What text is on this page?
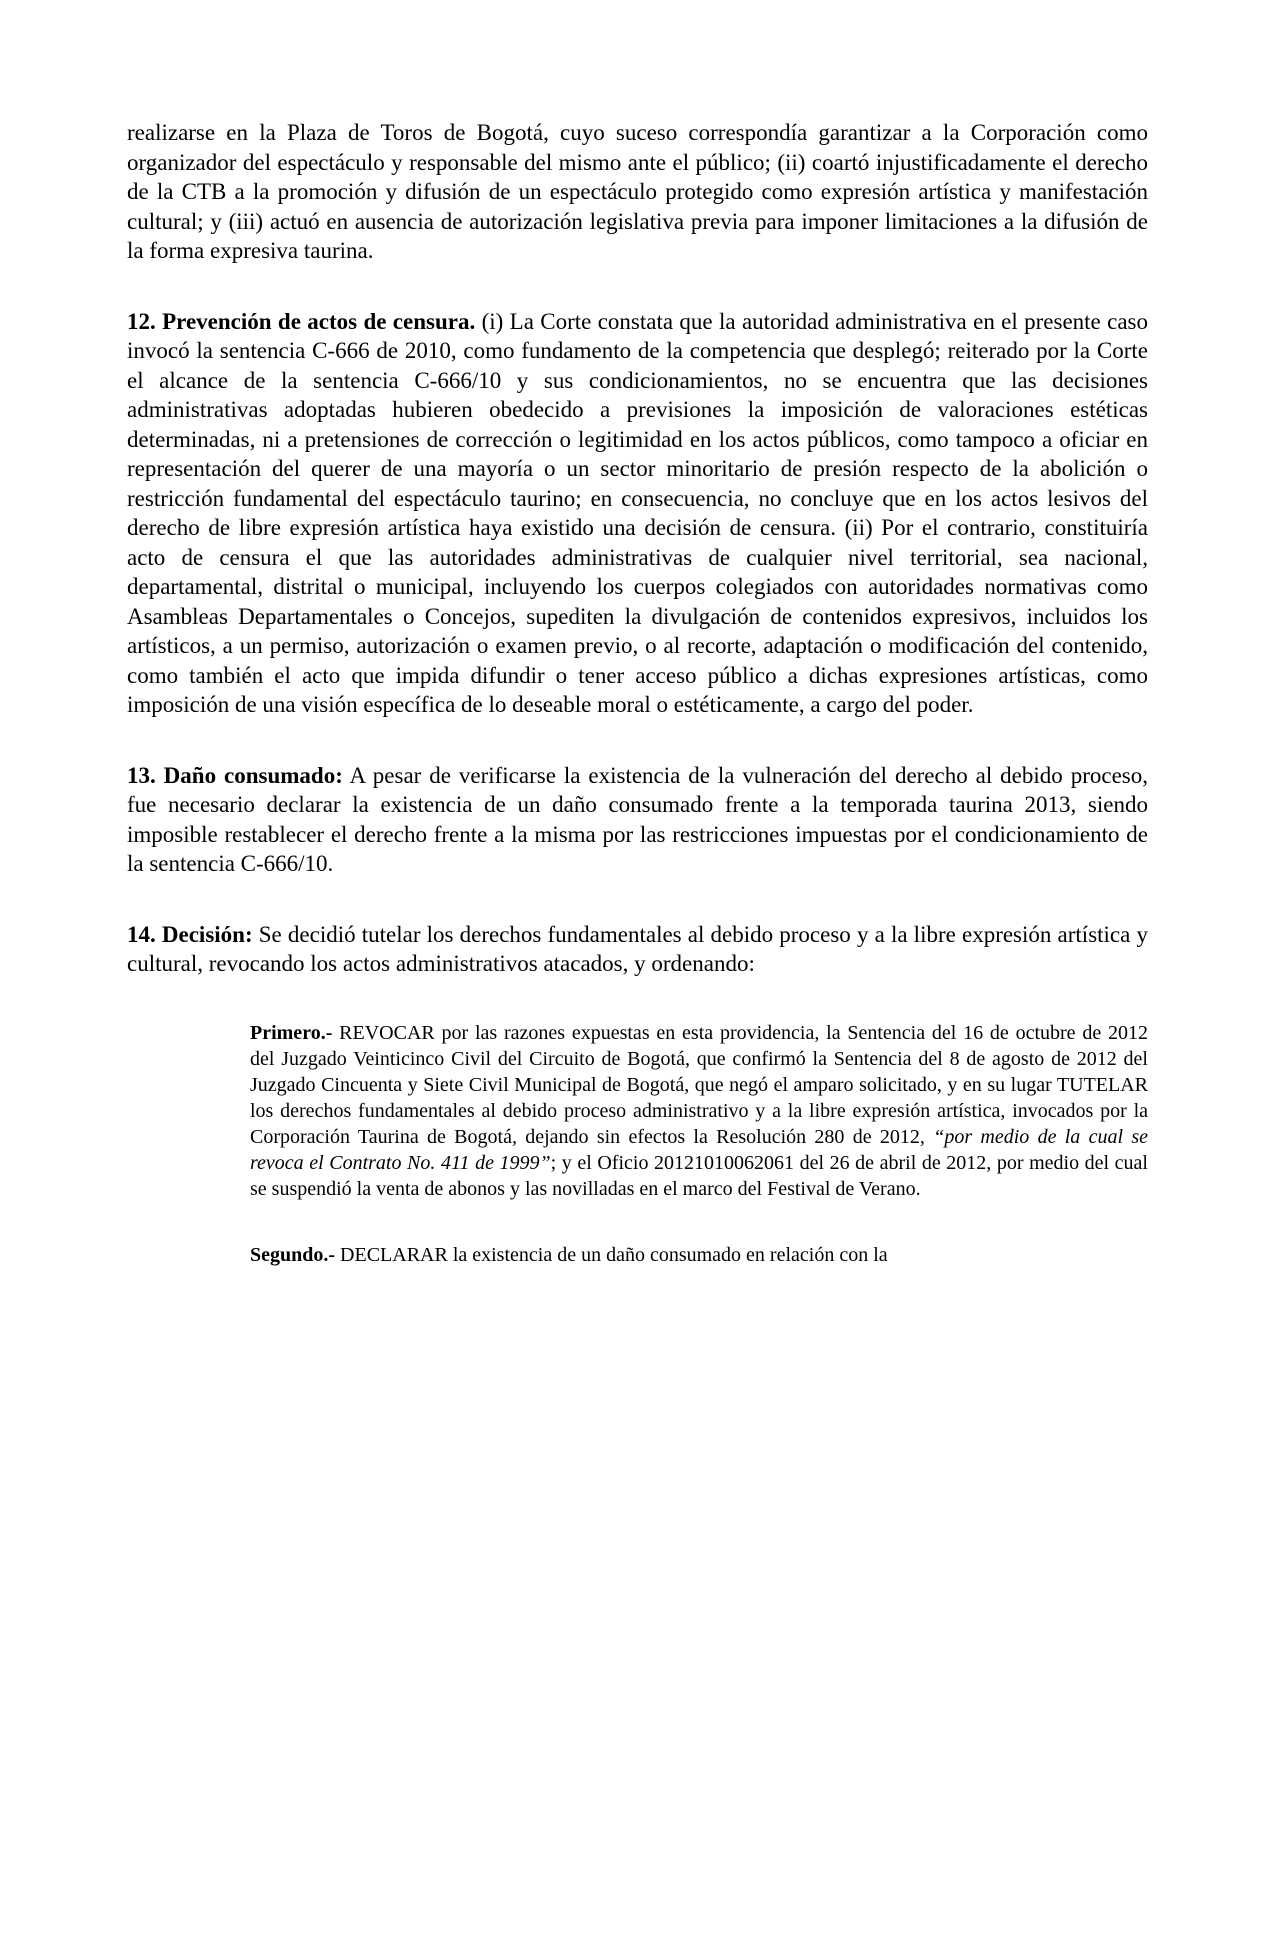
realizarse en la Plaza de Toros de Bogotá, cuyo suceso correspondía garantizar a la Corporación como organizador del espectáculo y responsable del mismo ante el público; (ii) coartó injustificadamente el derecho de la CTB a la promoción y difusión de un espectáculo protegido como expresión artística y manifestación cultural; y (iii) actuó en ausencia de autorización legislativa previa para imponer limitaciones a la difusión de la forma expresiva taurina.

12. Prevención de actos de censura. (i) La Corte constata que la autoridad administrativa en el presente caso invocó la sentencia C-666 de 2010, como fundamento de la competencia que desplegó; reiterado por la Corte el alcance de la sentencia C-666/10 y sus condicionamientos, no se encuentra que las decisiones administrativas adoptadas hubieren obedecido a previsiones la imposición de valoraciones estéticas determinadas, ni a pretensiones de corrección o legitimidad en los actos públicos, como tampoco a oficiar en representación del querer de una mayoría o un sector minoritario de presión respecto de la abolición o restricción fundamental del espectáculo taurino; en consecuencia, no concluye que en los actos lesivos del derecho de libre expresión artística haya existido una decisión de censura. (ii) Por el contrario, constituiría acto de censura el que las autoridades administrativas de cualquier nivel territorial, sea nacional, departamental, distrital o municipal, incluyendo los cuerpos colegiados con autoridades normativas como Asambleas Departamentales o Concejos, supediten la divulgación de contenidos expresivos, incluidos los artísticos, a un permiso, autorización o examen previo, o al recorte, adaptación o modificación del contenido, como también el acto que impida difundir o tener acceso público a dichas expresiones artísticas, como imposición de una visión específica de lo deseable moral o estéticamente, a cargo del poder.

13. Daño consumado: A pesar de verificarse la existencia de la vulneración del derecho al debido proceso, fue necesario declarar la existencia de un daño consumado frente a la temporada taurina 2013, siendo imposible restablecer el derecho frente a la misma por las restricciones impuestas por el condicionamiento de la sentencia C-666/10.

14. Decisión: Se decidió tutelar los derechos fundamentales al debido proceso y a la libre expresión artística y cultural, revocando los actos administrativos atacados, y ordenando:

Primero.- REVOCAR por las razones expuestas en esta providencia, la Sentencia del 16 de octubre de 2012 del Juzgado Veinticinco Civil del Circuito de Bogotá, que confirmó la Sentencia del 8 de agosto de 2012 del Juzgado Cincuenta y Siete Civil Municipal de Bogotá, que negó el amparo solicitado, y en su lugar TUTELAR los derechos fundamentales al debido proceso administrativo y a la libre expresión artística, invocados por la Corporación Taurina de Bogotá, dejando sin efectos la Resolución 280 de 2012, “por medio de la cual se revoca el Contrato No. 411 de 1999”; y el Oficio 20121010062061 del 26 de abril de 2012, por medio del cual se suspendió la venta de abonos y las novilladas en el marco del Festival de Verano.
Segundo.- DECLARAR la existencia de un daño consumado en relación con la
